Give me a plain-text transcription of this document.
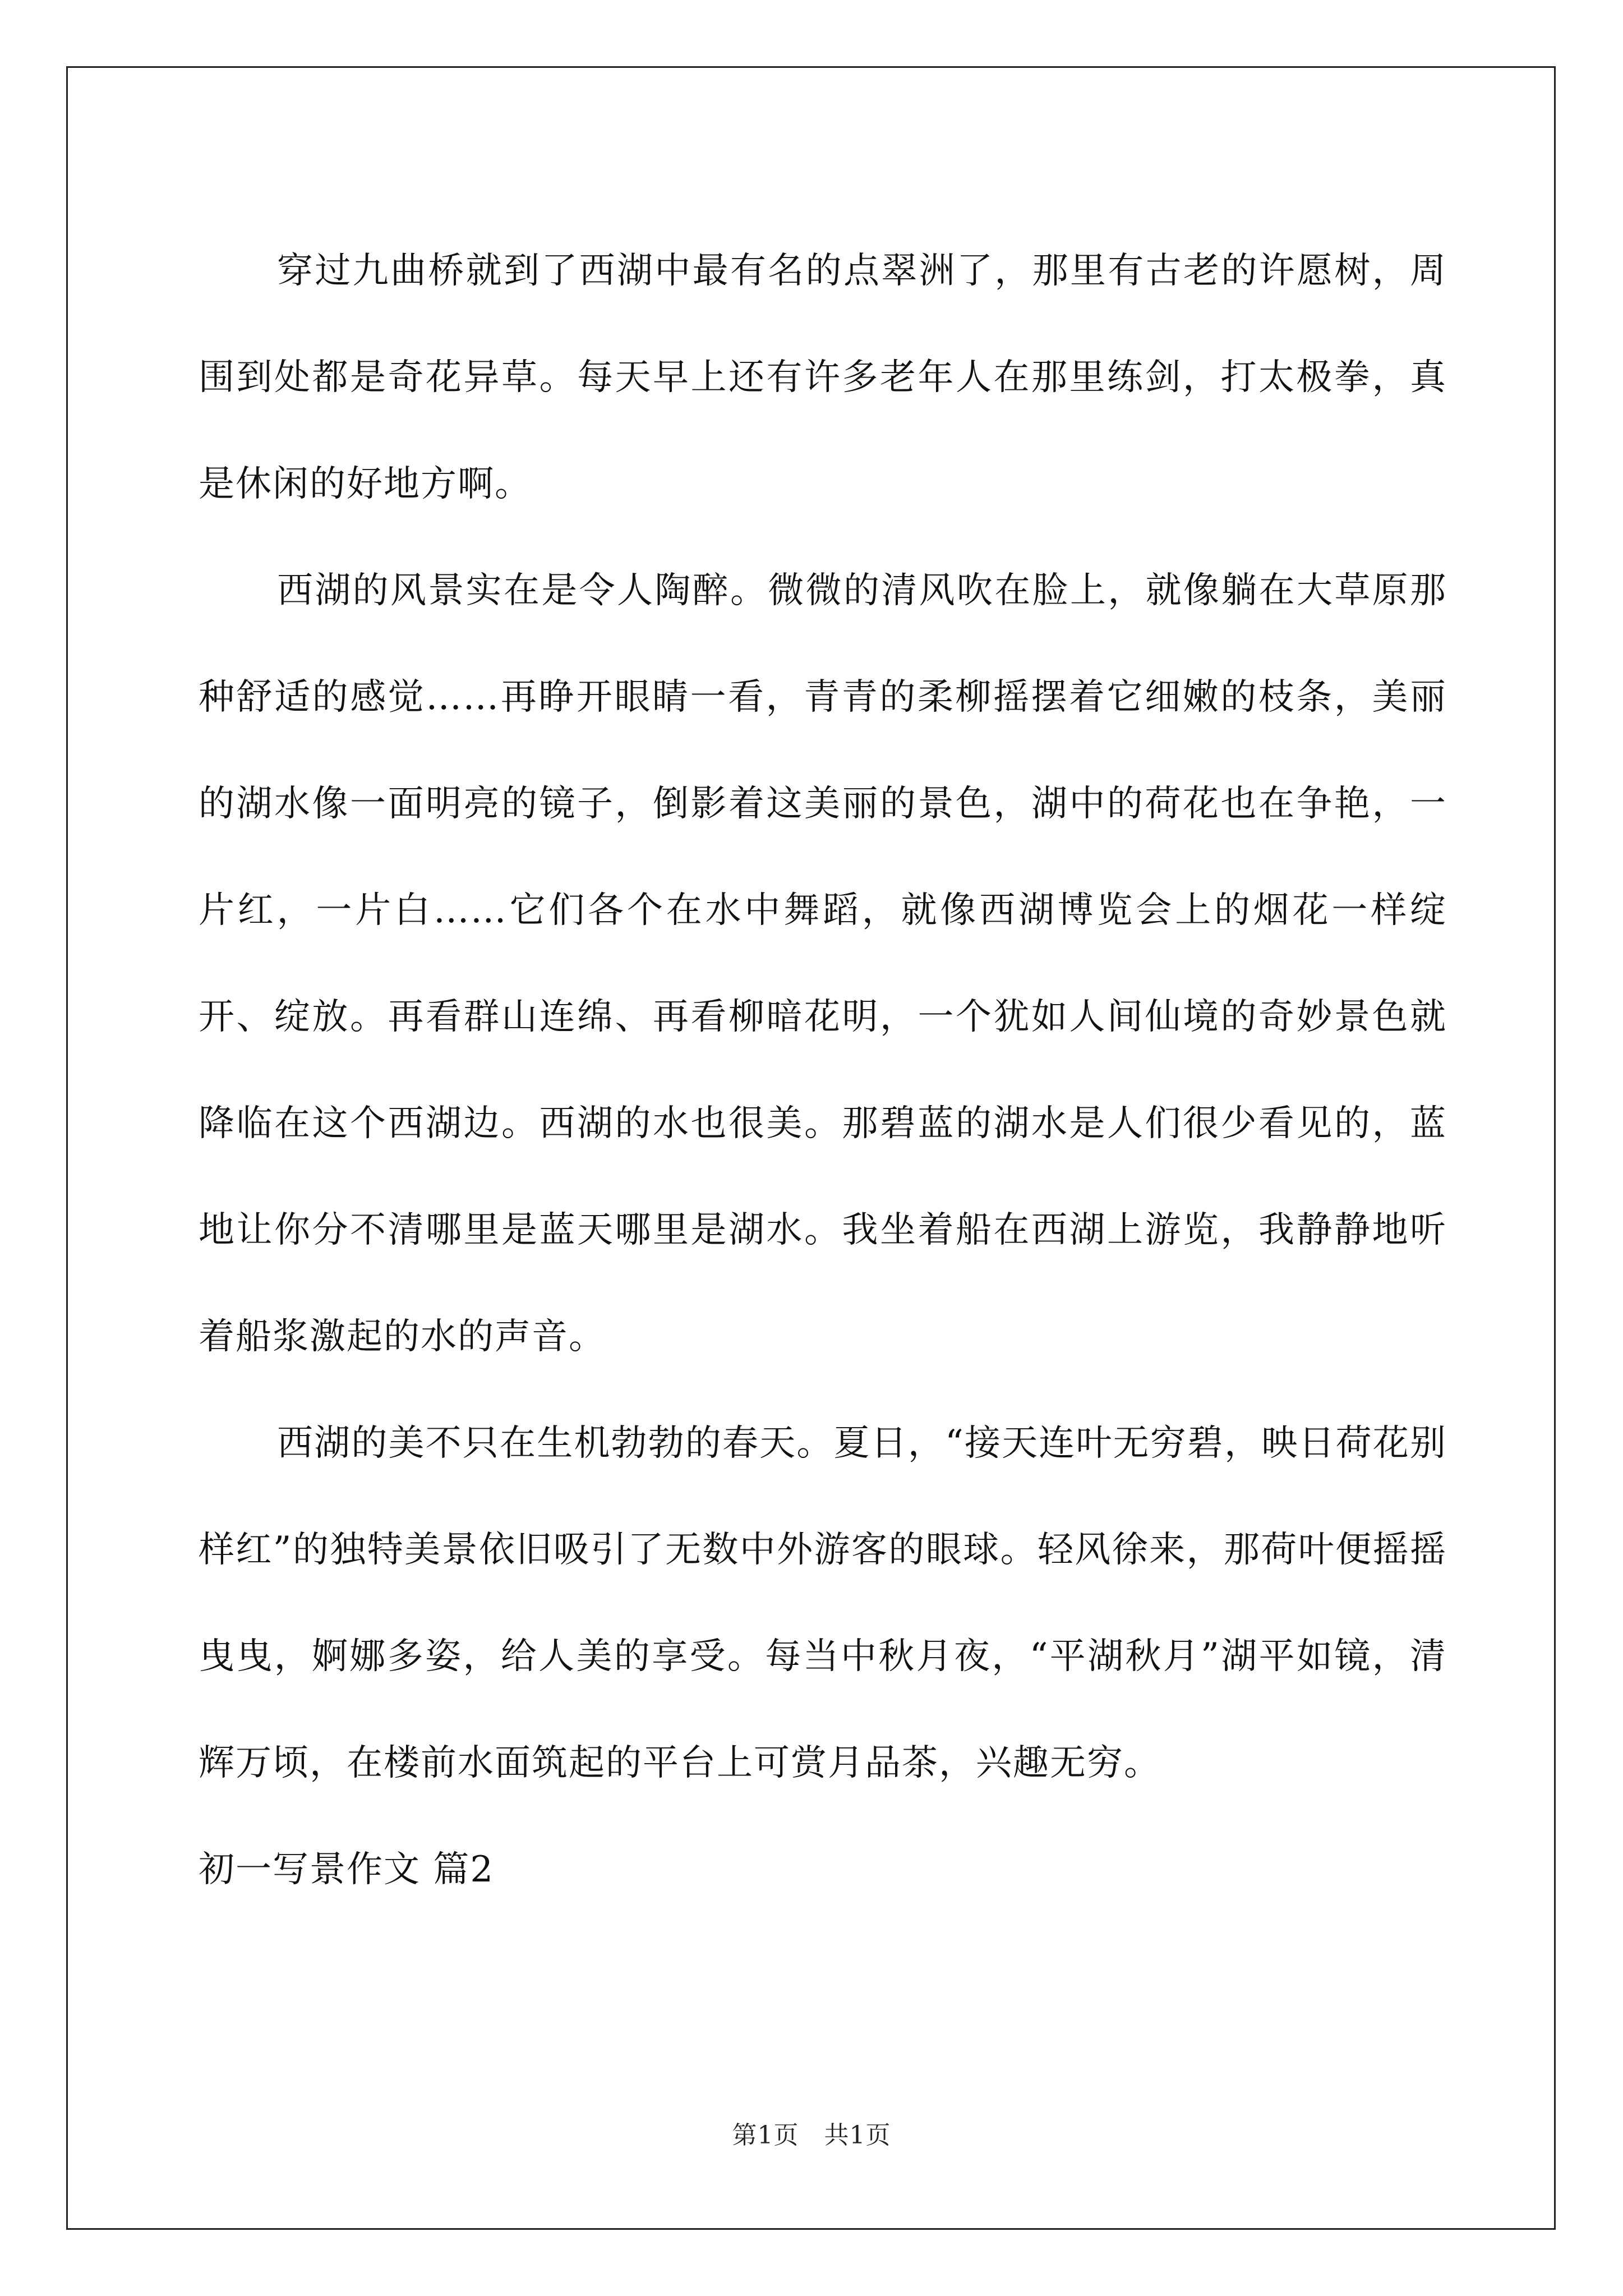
穿过九曲桥就到了西湖中最有名的点翠洲了，那里有古老的许愿树，周围到处都是奇花异草。每天早上还有许多老年人在那里练剑，打太极拳，真是休闲的好地方啊。

西湖的风景实在是令人陶醉。微微的清风吹在脸上，就像躺在大草原那种舒适的感觉……再睁开眼睛一看，青青的柔柳摇摆着它细嫩的枝条，美丽的湖水像一面明亮的镜子，倒影着这美丽的景色，湖中的荷花也在争艳，一片红，一片白……它们各个在水中舞蹈，就像西湖博览会上的烟花一样绽开、绽放。再看群山连绵、再看柳暗花明，一个犹如人间仙境的奇妙景色就降临在这个西湖边。西湖的水也很美。那碧蓝的湖水是人们很少看见的，蓝地让你分不清哪里是蓝天哪里是湖水。我坐着船在西湖上游览，我静静地听着船浆激起的水的声音。

西湖的美不只在生机勃勃的春天。夏日，“接天连叶无穷碧，映日荷花别样红”的独特美景依旧吸引了无数中外游客的眼球。轻风徐来，那荷叶便摇摇曳曳，婀娜多姿，给人美的享受。每当中秋月夜，“平湖秋月”湖平如镜，清辉万顷，在楼前水面筑起的平台上可赏月品茶，兴趣无穷。

初一写景作文 篇2

第1页　共1页
